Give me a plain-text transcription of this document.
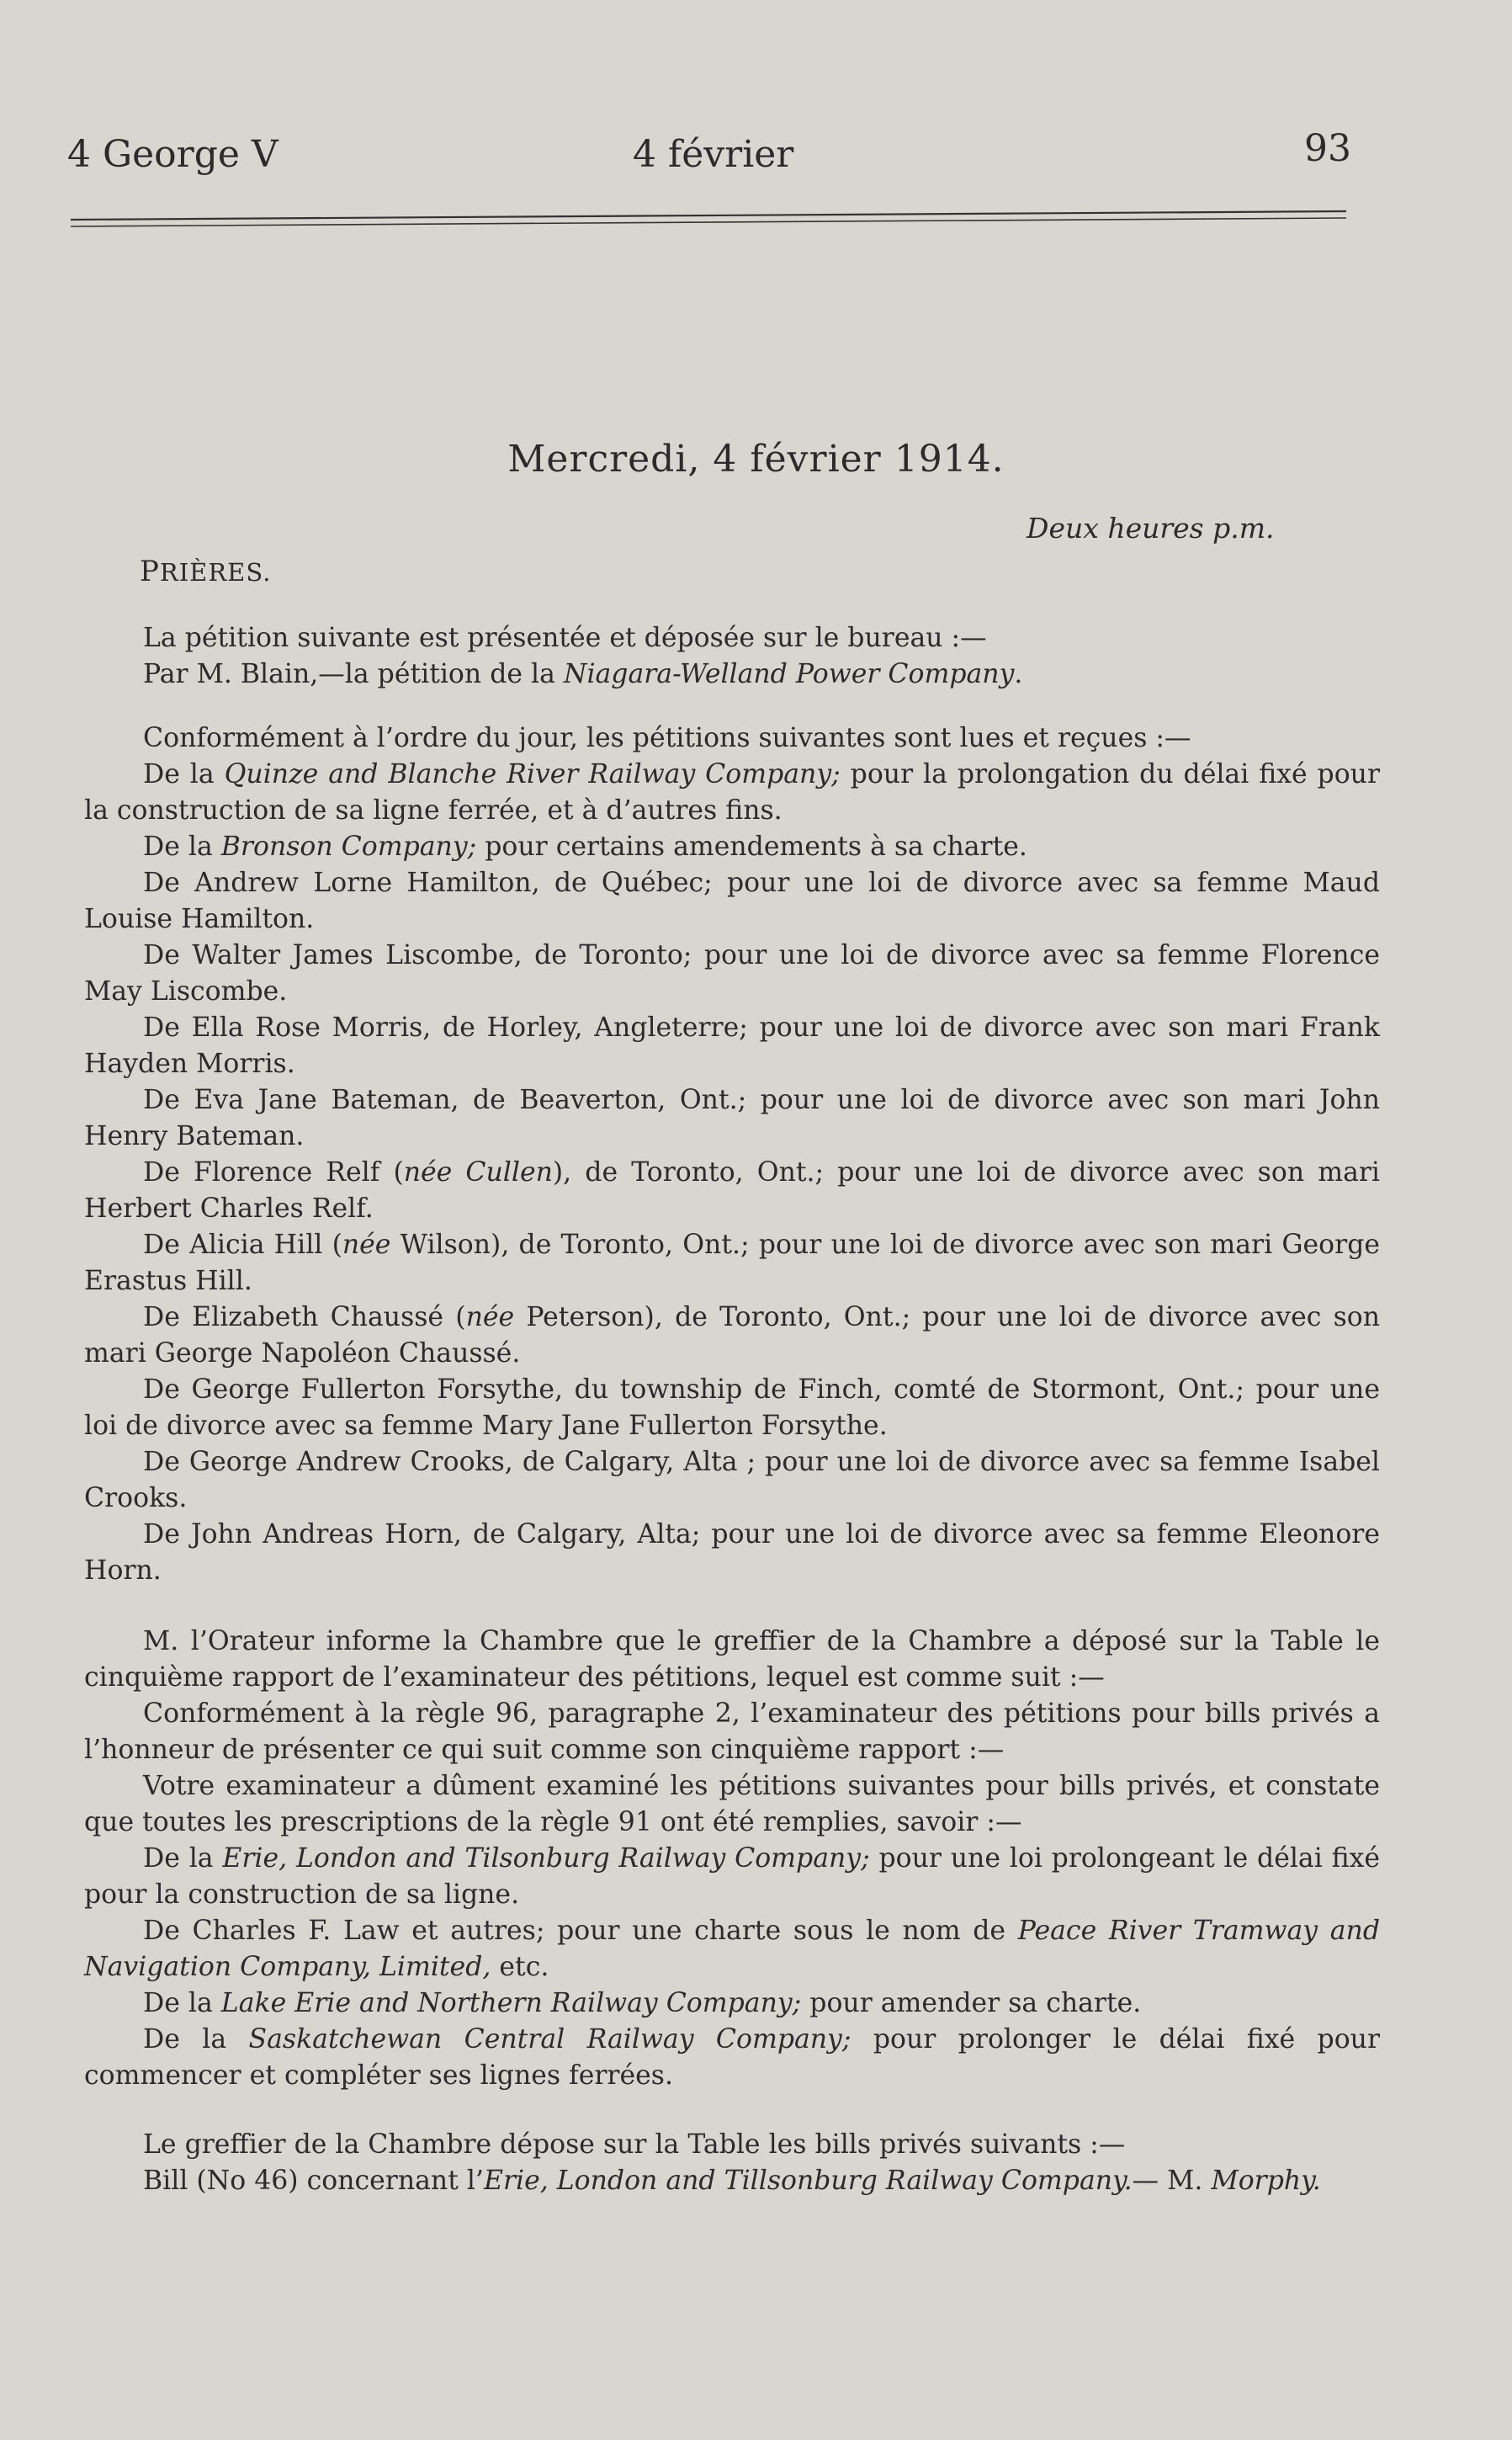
4 George V	4 février	93
Mercredi, 4 février 1914.
Deux heures p.m.
PRIÈRES.

La pétition suivante est présentée et déposée sur le bureau :—

Par M. Blain,—la pétition de la Niagara-Welland Power Company.

Conformément à l’ordre du jour, les pétitions suivantes sont lues et reçues :—

De la Quinze and Blanche River Railway Company; pour la prolongation du délai fixé pour la construction de sa ligne ferrée, et à d’autres fins.

De la Bronson Company; pour certains amendements à sa charte.

De Andrew Lorne Hamilton, de Québec; pour une loi de divorce avec sa femme Maud Louise Hamilton.

De Walter James Liscombe, de Toronto; pour une loi de divorce avec sa femme Florence May Liscombe.

De Ella Rose Morris, de Horley, Angleterre; pour une loi de divorce avec son mari Frank Hayden Morris.

De Eva Jane Bateman, de Beaverton, Ont.; pour une loi de divorce avec son mari John Henry Bateman.

De Florence Relf (née Cullen), de Toronto, Ont.; pour une loi de divorce avec son mari Herbert Charles Relf.

De Alicia Hill (née Wilson), de Toronto, Ont.; pour une loi de divorce avec son mari George Erastus Hill.

De Elizabeth Chaussé (née Peterson), de Toronto, Ont.; pour une loi de divorce avec son mari George Napoléon Chaussé.

De George Fullerton Forsythe, du township de Finch, comté de Stormont, Ont.; pour une loi de divorce avec sa femme Mary Jane Fullerton Forsythe.

De George Andrew Crooks, de Calgary, Alta ; pour une loi de divorce avec sa femme Isabel Crooks.

De John Andreas Horn, de Calgary, Alta; pour une loi de divorce avec sa femme Eleonore Horn.

M. l’Orateur informe la Chambre que le greffier de la Chambre a déposé sur la Table le cinquième rapport de l’examinateur des pétitions, lequel est comme suit :—

Conformément à la règle 96, paragraphe 2, l’examinateur des pétitions pour bills privés a l’honneur de présenter ce qui suit comme son cinquième rapport :—

Votre examinateur a dûment examiné les pétitions suivantes pour bills privés, et constate que toutes les prescriptions de la règle 91 ont été remplies, savoir :—

De la Erie, London and Tilsonburg Railway Company; pour une loi prolongeant le délai fixé pour la construction de sa ligne.

De Charles F. Law et autres; pour une charte sous le nom de Peace River Tramway and Navigation Company, Limited, etc.

De la Lake Erie and Northern Railway Company; pour amender sa charte.

De la Saskatchewan Central Railway Company; pour prolonger le délai fixé pour commencer et compléter ses lignes ferrées.

Le greffier de la Chambre dépose sur la Table les bills privés suivants :—

Bill (No 46) concernant l’Erie, London and Tillsonburg Railway Company.— M. Morphy.
